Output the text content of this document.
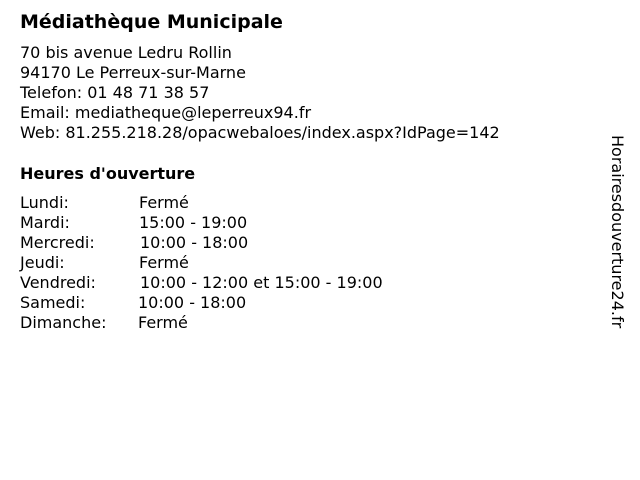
Médiathèque Municipale
70 bis avenue Ledru Rollin
94170 Le Perreux-sur-Marne
Telefon: 01 48 71 38 57
Email: mediatheque@leperreux94.fr
Web: 81.255.218.28/opacwebaloes/index.aspx?IdPage=142
Heures d'ouverture
Lundi:	Fermé
Mardi:	15:00 - 19:00
Mercredi:	10:00 - 18:00
Jeudi:	Fermé
Vendredi:	10:00 - 12:00 et 15:00 - 19:00
Samedi:	10:00 - 18:00
Dimanche: Fermé	Horairesdouverture24.fr
